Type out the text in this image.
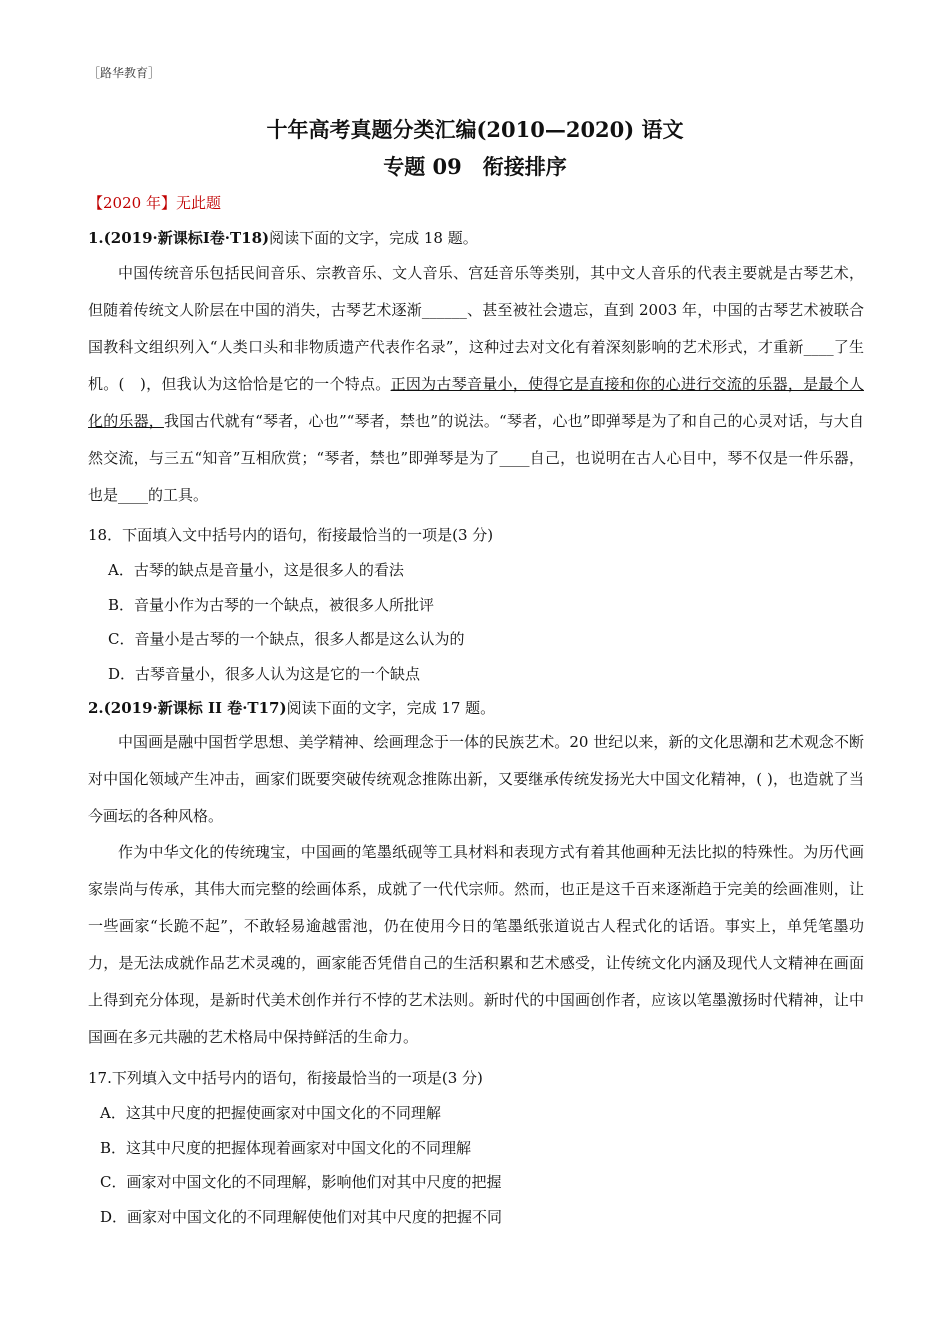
［路华教育］
十年高考真题分类汇编(2010—2020) 语文
专题 09　衔接排序
【2020 年】无此题
1.(2019·新课标Ⅰ卷·T18)阅读下面的文字，完成 18 题。
中国传统音乐包括民间音乐、宗教音乐、文人音乐、宫廷音乐等类别，其中文人音乐的代表主要就是古琴艺术，但随着传统文人阶层在中国的消失，古琴艺术逐渐______、甚至被社会遗忘，直到 2003 年，中国的古琴艺术被联合国教科文组织列入“人类口头和非物质遗产代表作名录”，这种过去对文化有着深刻影响的艺术形式，才重新____了生机。(　)，但我认为这恰恰是它的一个特点。正因为古琴音量小，使得它是直接和你的心进行交流的乐器，是最个人化的乐器，我国古代就有“琴者，心也”“琴者，禁也”的说法。“琴者，心也”即弹琴是为了和自己的心灵对话，与大自然交流，与三五“知音”互相欣赏；“琴者，禁也”即弹琴是为了____自己，也说明在古人心目中，琴不仅是一件乐器，也是____的工具。
18．下面填入文中括号内的语句，衔接最恰当的一项是(3 分)
A．古琴的缺点是音量小，这是很多人的看法
B．音量小作为古琴的一个缺点，被很多人所批评
C．音量小是古琴的一个缺点，很多人都是这么认为的
D．古琴音量小，很多人认为这是它的一个缺点
2.(2019·新课标 II 卷·T17)阅读下面的文字，完成 17 题。
中国画是融中国哲学思想、美学精神、绘画理念于一体的民族艺术。20 世纪以来，新的文化思潮和艺术观念不断对中国化领域产生冲击，画家们既要突破传统观念推陈出新，又要继承传统发扬光大中国文化精神，( )，也造就了当今画坛的各种风格。
作为中华文化的传统瑰宝，中国画的笔墨纸砚等工具材料和表现方式有着其他画种无法比拟的特殊性。为历代画家崇尚与传承，其伟大而完整的绘画体系，成就了一代代宗师。然而，也正是这千百来逐渐趋于完美的绘画准则，让一些画家“长跪不起”，不敢轻易逾越雷池，仍在使用今日的笔墨纸张道说古人程式化的话语。事实上，单凭笔墨功力，是无法成就作品艺术灵魂的，画家能否凭借自己的生活积累和艺术感受，让传统文化内涵及现代人文精神在画面上得到充分体现，是新时代美术创作并行不悖的艺术法则。新时代的中国画创作者，应该以笔墨激扬时代精神，让中国画在多元共融的艺术格局中保持鲜活的生命力。
17.下列填入文中括号内的语句，衔接最恰当的一项是(3 分)
A．这其中尺度的把握使画家对中国文化的不同理解
B．这其中尺度的把握体现着画家对中国文化的不同理解
C．画家对中国文化的不同理解，影响他们对其中尺度的把握
D．画家对中国文化的不同理解使他们对其中尺度的把握不同
